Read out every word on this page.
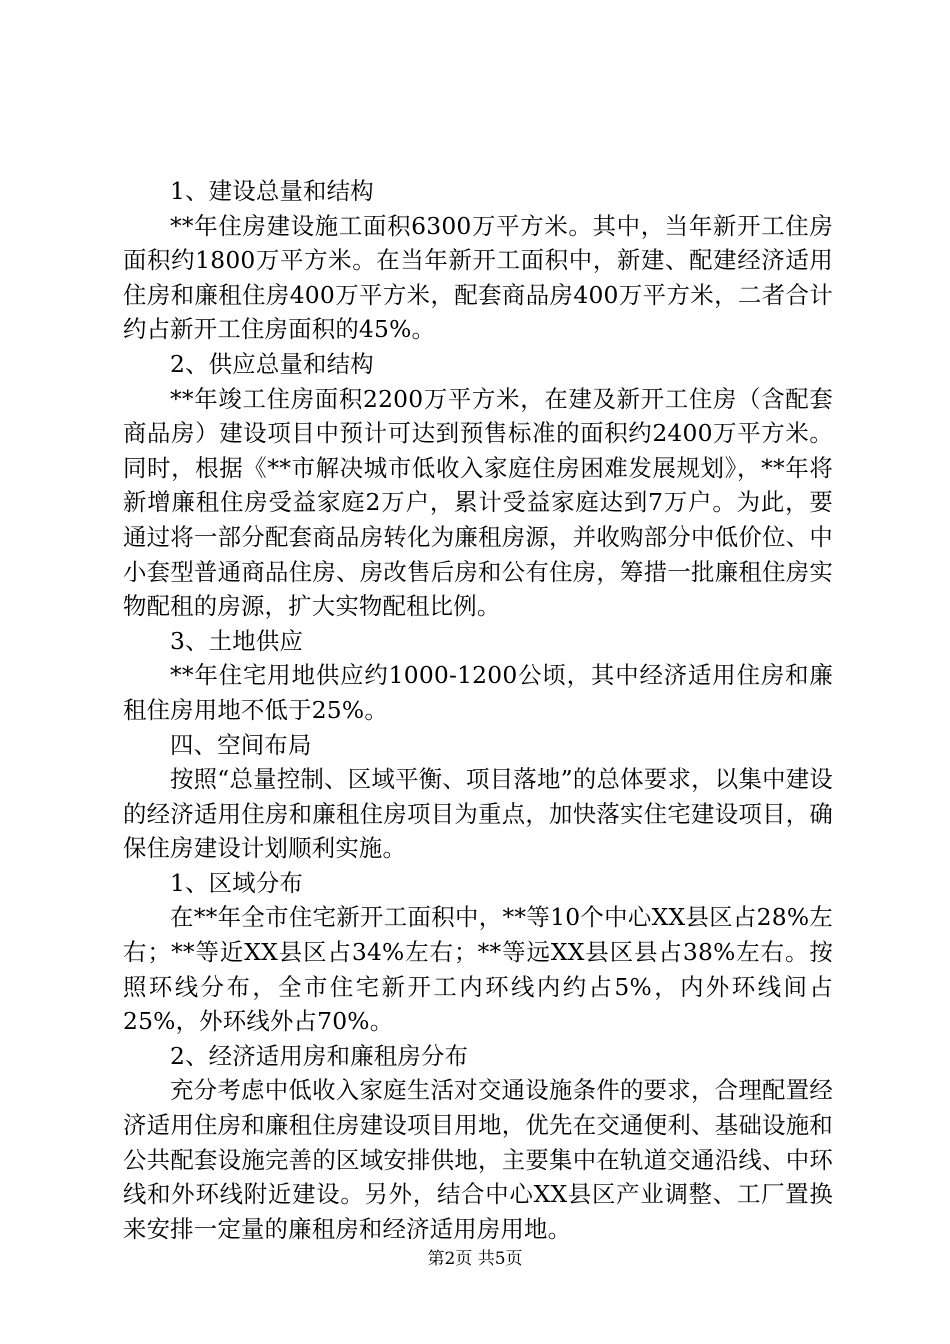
1、建设总量和结构

**年住房建设施工面积6300万平方米。其中，当年新开工住房面积约1800万平方米。在当年新开工面积中，新建、配建经济适用住房和廉租住房400万平方米，配套商品房400万平方米，二者合计约占新开工住房面积的45%。

2、供应总量和结构

**年竣工住房面积2200万平方米，在建及新开工住房（含配套商品房）建设项目中预计可达到预售标准的面积约2400万平方米。同时，根据《**市解决城市低收入家庭住房困难发展规划》，**年将新增廉租住房受益家庭2万户，累计受益家庭达到7万户。为此，要通过将一部分配套商品房转化为廉租房源，并收购部分中低价位、中小套型普通商品住房、房改售后房和公有住房，筹措一批廉租住房实物配租的房源，扩大实物配租比例。

3、土地供应

**年住宅用地供应约1000-1200公顷，其中经济适用住房和廉租住房用地不低于25%。

四、空间布局

按照“总量控制、区域平衡、项目落地”的总体要求，以集中建设的经济适用住房和廉租住房项目为重点，加快落实住宅建设项目，确保住房建设计划顺利实施。

1、区域分布

在**年全市住宅新开工面积中，**等10个中心XX县区占28%左右；**等近XX县区占34%左右；**等远XX县区县占38%左右。按照环线分布，全市住宅新开工内环线内约占5%，内外环线间占25%，外环线外占70%。

2、经济适用房和廉租房分布

充分考虑中低收入家庭生活对交通设施条件的要求，合理配置经济适用住房和廉租住房建设项目用地，优先在交通便利、基础设施和公共配套设施完善的区域安排供地，主要集中在轨道交通沿线、中环线和外环线附近建设。另外，结合中心XX县区产业调整、工厂置换来安排一定量的廉租房和经济适用房用地。

第2页 共5页
